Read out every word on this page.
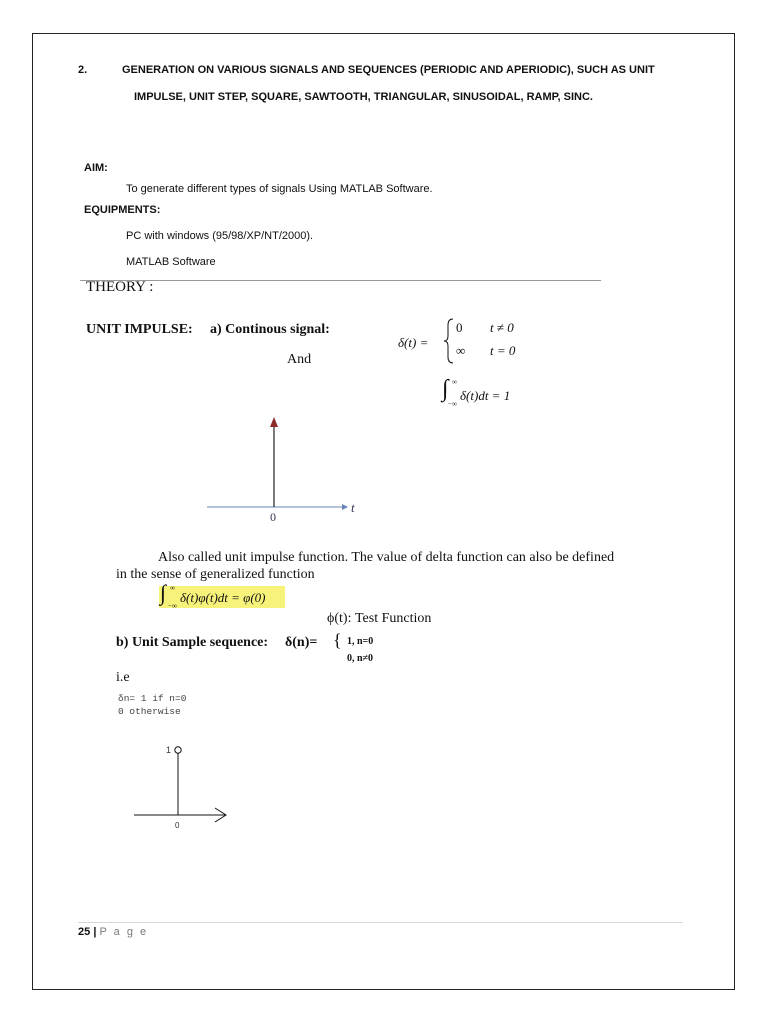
2.	GENERATION ON VARIOUS SIGNALS AND SEQUENCES (PERIODIC AND APERIODIC), SUCH AS UNIT
IMPULSE, UNIT STEP, SQUARE, SAWTOOTH, TRIANGULAR, SINUSOIDAL, RAMP, SINC.
AIM:
To generate different types of signals Using MATLAB Software.
EQUIPMENTS:
PC with windows (95/98/XP/NT/2000).
MATLAB Software
THEORY :
UNIT IMPULSE: a) Continous signal:
And
δ(t) =
0 t ≠ 0
∞ t = 0
∫ ∞
−∞
δ(t)dt = 1
t
0
Also called unit impulse function. The value of delta function can also be defined
in the sense of generalized function
∫ ∞
−∞
δ(t)φ(t)dt = φ(0)
ϕ(t): Test Function
b) Unit Sample sequence: δ(n)= { 1, n=0
0, n≠0
i.e
δn= 1 if n=0
0 otherwise
1
0
25 | P a g e
